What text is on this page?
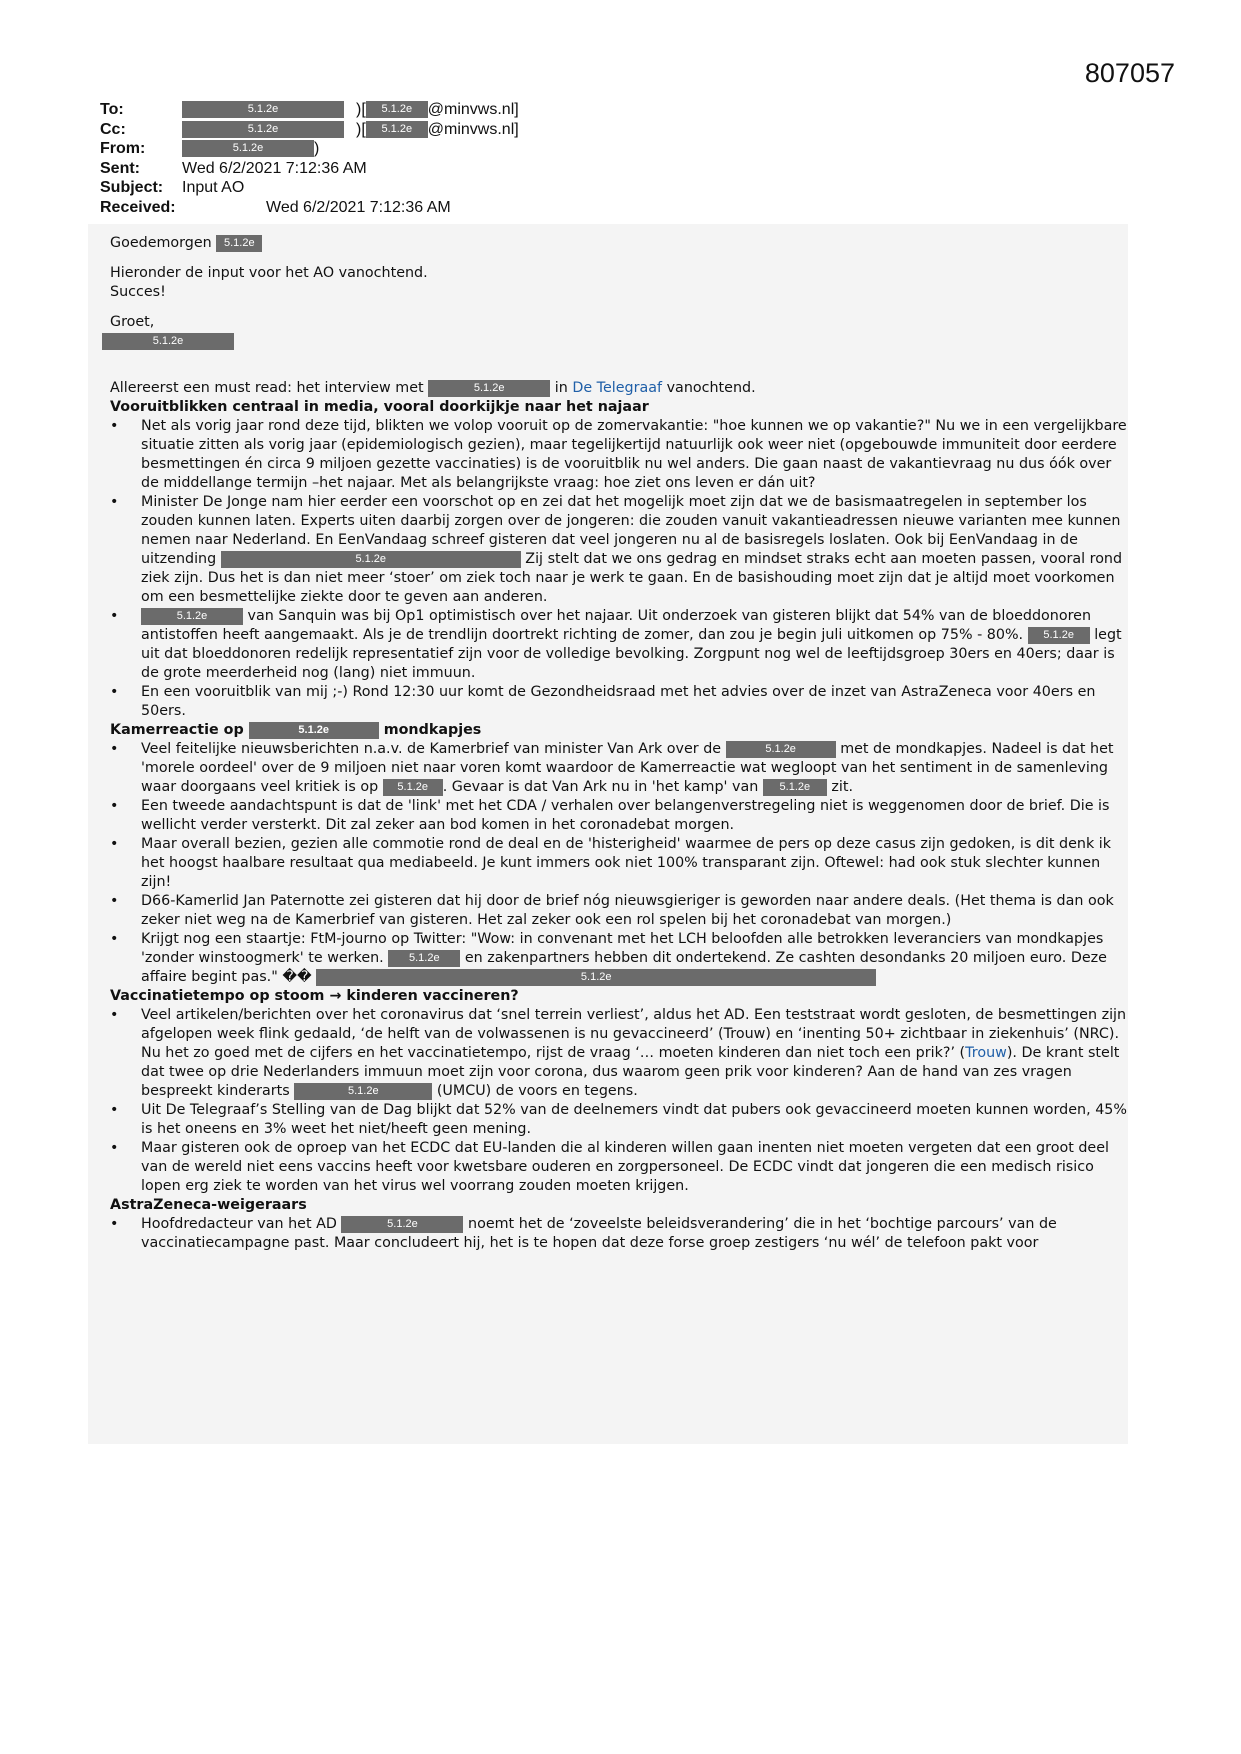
807057
To:	5.1.2e	)[	5.1.2e @minvws.nl]
Cc:	5.1.2e	)[	5.1.2e @minvws.nl]
From:	5.1.2e	)
Sent:	Wed 6/2/2021 7:12:36 AM
Subject:	Input AO
Received:	Wed 6/2/2021 7:12:36 AM

Goedemorgen 5.1.2e

Hieronder de input voor het AO vanochtend.

Succes!

Groet,

5.1.2e

Allereerst een must read: het interview met	5.1.2e	in De Telegraaf vanochtend.

Vooruitblikken centraal in media, vooral doorkijkje naar het najaar

• Net als vorig jaar rond deze tijd, blikten we volop vooruit op de zomervakantie: "hoe kunnen we op vakantie?" Nu we in een vergelijkbare situatie zitten als vorig jaar (epidemiologisch gezien), maar tegelijkertijd natuurlijk ook weer niet (opgebouwde immuniteit door eerdere besmettingen én circa 9 miljoen gezette vaccinaties) is de vooruitblik nu wel anders. Die gaan naast de vakantievraag nu dus óók over de middellange termijn –het najaar. Met als belangrijkste vraag: hoe ziet ons leven er dán uit?
• Minister De Jonge nam hier eerder een voorschot op en zei dat het mogelijk moet zijn dat we de basismaatregelen in september los zouden kunnen laten. Experts uiten daarbij zorgen over de jongeren: die zouden vanuit vakantieadressen nieuwe varianten mee kunnen nemen naar Nederland. En EenVandaag schreef gisteren dat veel jongeren nu al de basisregels loslaten. Ook bij EenVandaag in de uitzending	5.1.2e	Zij stelt dat we ons gedrag en mindset straks echt aan moeten passen, vooral rond ziek zijn. Dus het is dan niet meer ‘stoer’ om ziek toch naar je werk te gaan. En de basishouding moet zijn dat je altijd moet voorkomen om een besmettelijke ziekte door te geven aan anderen.
• 5.1.2e	van Sanquin was bij Op1 optimistisch over het najaar. Uit onderzoek van gisteren blijkt dat 54% van de bloeddonoren antistoffen heeft aangemaakt. Als je de trendlijn doortrekt richting de zomer, dan zou je begin juli uitkomen op 75% - 80%. 5.1.2e legt uit dat bloeddonoren redelijk representatief zijn voor de volledige bevolking. Zorgpunt nog wel de leeftijdsgroep 30ers en 40ers; daar is de grote meerderheid nog (lang) niet immuun.
• En een vooruitblik van mij ;-) Rond 12:30 uur komt de Gezondheidsraad met het advies over de inzet van AstraZeneca voor 40ers en 50ers.

Kamerreactie op	5.1.2e	mondkapjes

• Veel feitelijke nieuwsberichten n.a.v. de Kamerbrief van minister Van Ark over de	5.1.2e	met de mondkapjes. Nadeel is dat het 'morele oordeel' over de 9 miljoen niet naar voren komt waardoor de Kamerreactie wat wegloopt van het sentiment in de samenleving waar doorgaans veel kritiek is op 5.1.2e . Gevaar is dat Van Ark nu in 'het kamp' van 5.1.2e zit.
• Een tweede aandachtspunt is dat de 'link' met het CDA / verhalen over belangenverstregeling niet is weggenomen door de brief. Die is wellicht verder versterkt. Dit zal zeker aan bod komen in het coronadebat morgen.
• Maar overall bezien, gezien alle commotie rond de deal en de 'histerigheid' waarmee de pers op deze casus zijn gedoken, is dit denk ik het hoogst haalbare resultaat qua mediabeeld. Je kunt immers ook niet 100% transparant zijn. Oftewel: had ook stuk slechter kunnen zijn!
• D66-Kamerlid Jan Paternotte zei gisteren dat hij door de brief nóg nieuwsgieriger is geworden naar andere deals. (Het thema is dan ook zeker niet weg na de Kamerbrief van gisteren. Het zal zeker ook een rol spelen bij het coronadebat van morgen.)
• Krijgt nog een staartje: FtM-journo op Twitter: "Wow: in convenant met het LCH beloofden alle betrokken leveranciers van mondkapjes 'zonder winstoogmerk' te werken. 5.1.2e en zakenpartners hebben dit ondertekend. Ze cashten desondanks 20 miljoen euro. Deze affaire begint pas." ��	5.1.2e

Vaccinatietempo op stoom → kinderen vaccineren?

• Veel artikelen/berichten over het coronavirus dat ‘snel terrein verliest’, aldus het AD. Een teststraat wordt gesloten, de besmettingen zijn afgelopen week flink gedaald, ‘de helft van de volwassenen is nu gevaccineerd’ (Trouw) en ‘inenting 50+ zichtbaar in ziekenhuis’ (NRC). Nu het zo goed met de cijfers en het vaccinatietempo, rijst de vraag ‘… moeten kinderen dan niet toch een prik?’ (Trouw). De krant stelt dat twee op drie Nederlanders immuun moet zijn voor corona, dus waarom geen prik voor kinderen? Aan de hand van zes vragen bespreekt kinderarts	5.1.2e	(UMCU) de voors en tegens.
• Uit De Telegraaf’s Stelling van de Dag blijkt dat 52% van de deelnemers vindt dat pubers ook gevaccineerd moeten kunnen worden, 45% is het oneens en 3% weet het niet/heeft geen mening.
• Maar gisteren ook de oproep van het ECDC dat EU-landen die al kinderen willen gaan inenten niet moeten vergeten dat een groot deel van de wereld niet eens vaccins heeft voor kwetsbare ouderen en zorgpersoneel. De ECDC vindt dat jongeren die een medisch risico lopen erg ziek te worden van het virus wel voorrang zouden moeten krijgen.

AstraZeneca-weigeraars

• Hoofdredacteur van het AD	5.1.2e	noemt het de ‘zoveelste beleidsverandering’ die in het ‘bochtige parcours’ van de vaccinatiecampagne past. Maar concludeert hij, het is te hopen dat deze forse groep zestigers ‘nu wél’ de telefoon pakt voor
